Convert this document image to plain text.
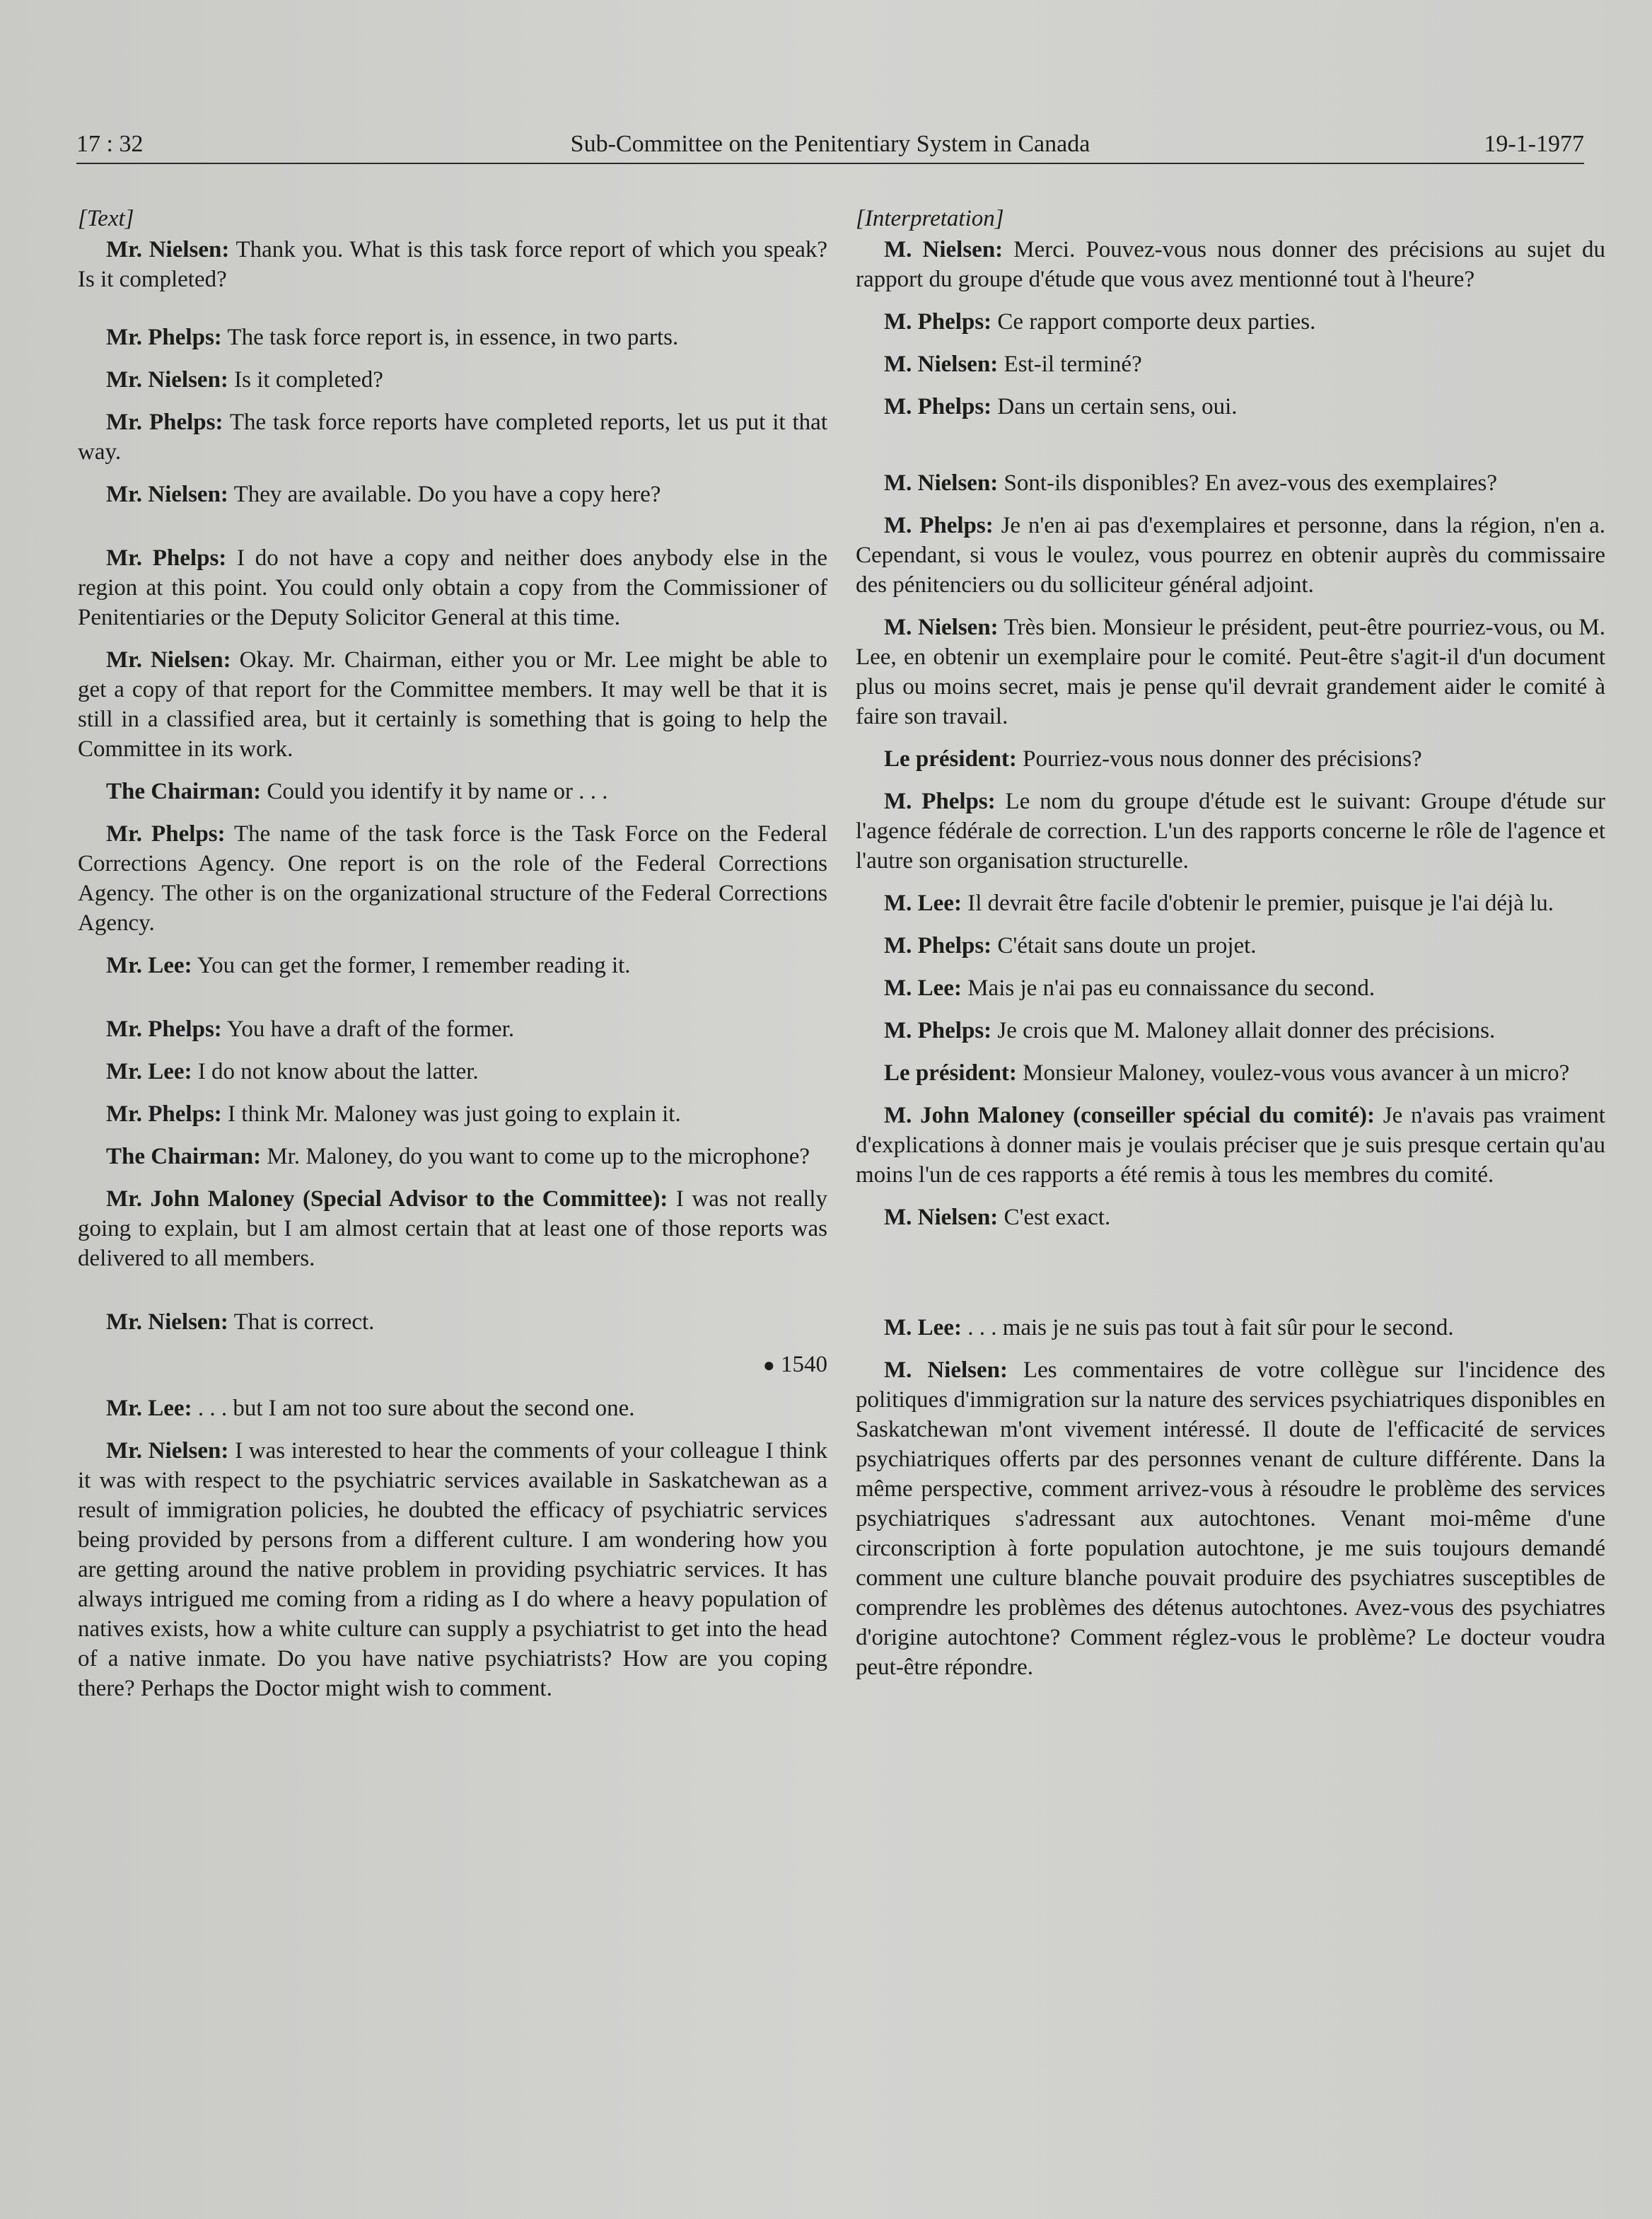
17 : 32	Sub-Committee on the Penitentiary System in Canada	19-1-1977
[Text]

Mr. Nielsen: Thank you. What is this task force report of which you speak? Is it completed?

Mr. Phelps: The task force report is, in essence, in two parts.

Mr. Nielsen: Is it completed?

Mr. Phelps: The task force reports have completed reports, let us put it that way.

Mr. Nielsen: They are available. Do you have a copy here?

Mr. Phelps: I do not have a copy and neither does anybody else in the region at this point. You could only obtain a copy from the Commissioner of Penitentiaries or the Deputy Solicitor General at this time.

Mr. Nielsen: Okay. Mr. Chairman, either you or Mr. Lee might be able to get a copy of that report for the Committee members. It may well be that it is still in a classified area, but it certainly is something that is going to help the Committee in its work.

The Chairman: Could you identify it by name or . . .

Mr. Phelps: The name of the task force is the Task Force on the Federal Corrections Agency. One report is on the role of the Federal Corrections Agency. The other is on the organizational structure of the Federal Corrections Agency.

Mr. Lee: You can get the former, I remember reading it.

Mr. Phelps: You have a draft of the former.

Mr. Lee: I do not know about the latter.

Mr. Phelps: I think Mr. Maloney was just going to explain it.

The Chairman: Mr. Maloney, do you want to come up to the microphone?

Mr. John Maloney (Special Advisor to the Committee): I was not really going to explain, but I am almost certain that at least one of those reports was delivered to all members.

Mr. Nielsen: That is correct.

● 1540

Mr. Lee: . . . but I am not too sure about the second one.

Mr. Nielsen: I was interested to hear the comments of your colleague I think it was with respect to the psychiatric services available in Saskatchewan as a result of immigration policies, he doubted the efficacy of psychiatric services being provided by persons from a different culture. I am wondering how you are getting around the native problem in providing psychiatric services. It has always intrigued me coming from a riding as I do where a heavy population of natives exists, how a white culture can supply a psychiatrist to get into the head of a native inmate. Do you have native psychiatrists? How are you coping there? Perhaps the Doctor might wish to comment.

[Interpretation]

M. Nielsen: Merci. Pouvez-vous nous donner des précisions au sujet du rapport du groupe d'étude que vous avez mentionné tout à l'heure?

M. Phelps: Ce rapport comporte deux parties.

M. Nielsen: Est-il terminé?

M. Phelps: Dans un certain sens, oui.

M. Nielsen: Sont-ils disponibles? En avez-vous des exemplaires?

M. Phelps: Je n'en ai pas d'exemplaires et personne, dans la région, n'en a. Cependant, si vous le voulez, vous pourrez en obtenir auprès du commissaire des pénitenciers ou du solliciteur général adjoint.

M. Nielsen: Très bien. Monsieur le président, peut-être pourriez-vous, ou M. Lee, en obtenir un exemplaire pour le comité. Peut-être s'agit-il d'un document plus ou moins secret, mais je pense qu'il devrait grandement aider le comité à faire son travail.

Le président: Pourriez-vous nous donner des précisions?

M. Phelps: Le nom du groupe d'étude est le suivant: Groupe d'étude sur l'agence fédérale de correction. L'un des rapports concerne le rôle de l'agence et l'autre son organisation structurelle.

M. Lee: Il devrait être facile d'obtenir le premier, puisque je l'ai déjà lu.

M. Phelps: C'était sans doute un projet.

M. Lee: Mais je n'ai pas eu connaissance du second.

M. Phelps: Je crois que M. Maloney allait donner des précisions.

Le président: Monsieur Maloney, voulez-vous vous avancer à un micro?

M. John Maloney (conseiller spécial du comité): Je n'avais pas vraiment d'explications à donner mais je voulais préciser que je suis presque certain qu'au moins l'un de ces rapports a été remis à tous les membres du comité.

M. Nielsen: C'est exact.

M. Lee: . . . mais je ne suis pas tout à fait sûr pour le second.

M. Nielsen: Les commentaires de votre collègue sur l'incidence des politiques d'immigration sur la nature des services psychiatriques disponibles en Saskatchewan m'ont vivement intéressé. Il doute de l'efficacité de services psychiatriques offerts par des personnes venant de culture différente. Dans la même perspective, comment arrivez-vous à résoudre le problème des services psychiatriques s'adressant aux autochtones. Venant moi-même d'une circonscription à forte population autochtone, je me suis toujours demandé comment une culture blanche pouvait produire des psychiatres susceptibles de comprendre les problèmes des détenus autochtones. Avez-vous des psychiatres d'origine autochtone? Comment réglez-vous le problème? Le docteur voudra peut-être répondre.
